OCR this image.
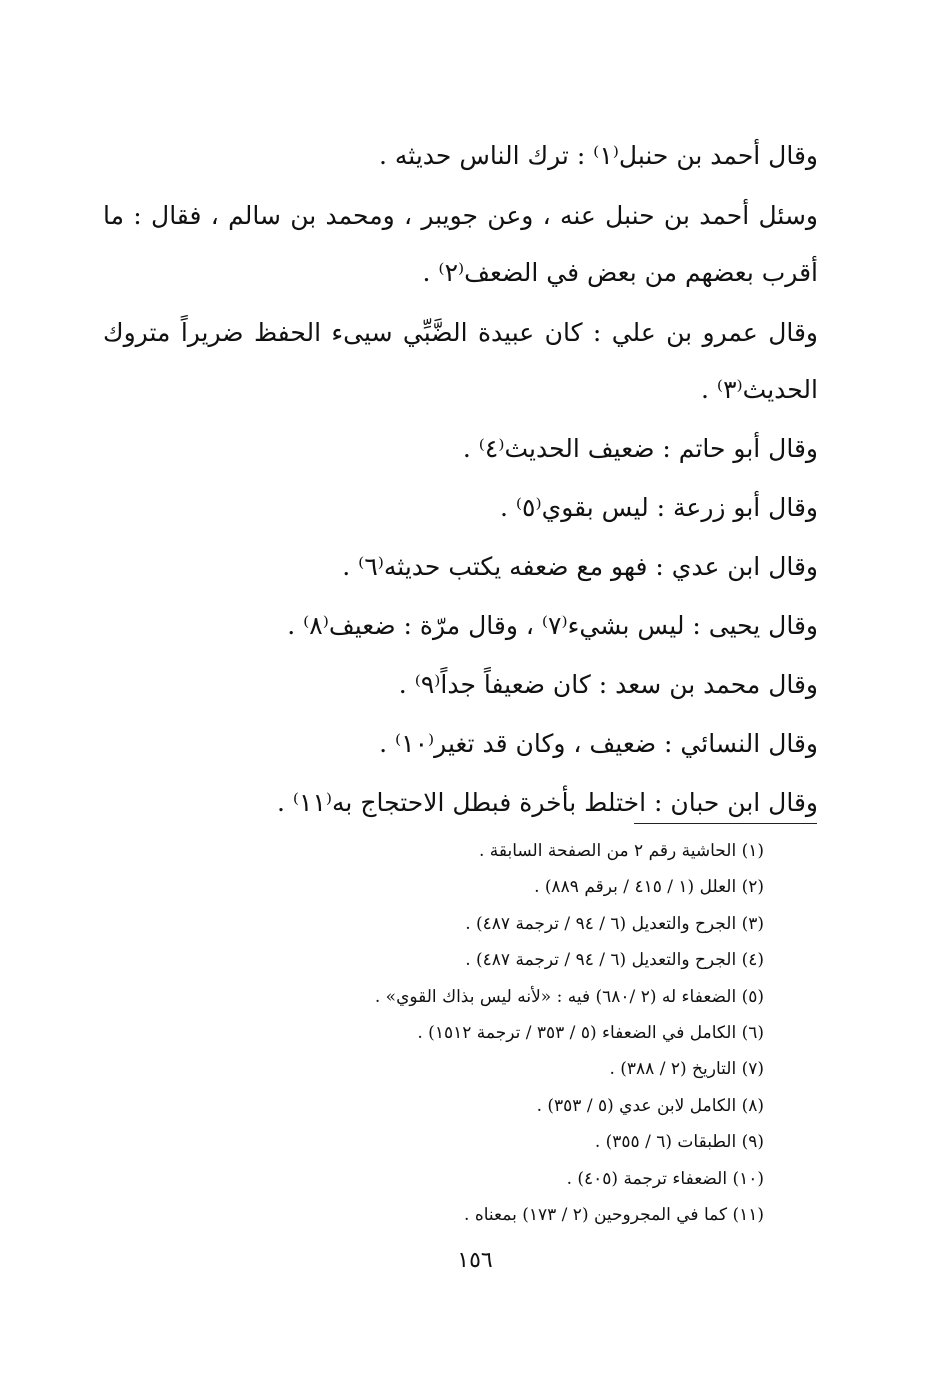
وقال أحمد بن حنبل⁽١⁾ : ترك الناس حديثه .

وسئل أحمد بن حنبل عنه ، وعن جويبر ، ومحمد بن سالم ، فقال : ما أقرب بعضهم من بعض في الضعف⁽٢⁾ .

وقال عمرو بن علي : كان عبيدة الضَّبِّي سيىء الحفظ ضريراً متروك الحديث⁽٣⁾ .

وقال أبو حاتم : ضعيف الحديث⁽٤⁾ .

وقال أبو زرعة : ليس بقوي⁽٥⁾ .

وقال ابن عدي : فهو مع ضعفه يكتب حديثه⁽٦⁾ .

وقال يحيى : ليس بشيء⁽٧⁾ ، وقال مرّة : ضعيف⁽٨⁾ .

وقال محمد بن سعد : كان ضعيفاً جداً⁽٩⁾ .

وقال النسائي : ضعيف ، وكان قد تغير⁽١٠⁾ .

وقال ابن حبان : اختلط بأخرة فبطل الاحتجاج به⁽١١⁾ .

(١) الحاشية رقم ٢ من الصفحة السابقة .

(٢) العلل (١ / ٤١٥ / برقم ٨٨٩) .

(٣) الجرح والتعديل (٦ / ٩٤ / ترجمة ٤٨٧) .

(٤) الجرح والتعديل (٦ / ٩٤ / ترجمة ٤٨٧) .

(٥) الضعفاء له (٢ /٦٨٠) فيه : «لأنه ليس بذاك القوي» .

(٦) الكامل في الضعفاء (٥ / ٣٥٣ / ترجمة ١٥١٢) .

(٧) التاريخ (٢ / ٣٨٨) .

(٨) الكامل لابن عدي (٥ / ٣٥٣) .

(٩) الطبقات (٦ / ٣٥٥) .

(١٠) الضعفاء ترجمة (٤٠٥) .

(١١) كما في المجروحين (٢ / ١٧٣) بمعناه .

١٥٦
